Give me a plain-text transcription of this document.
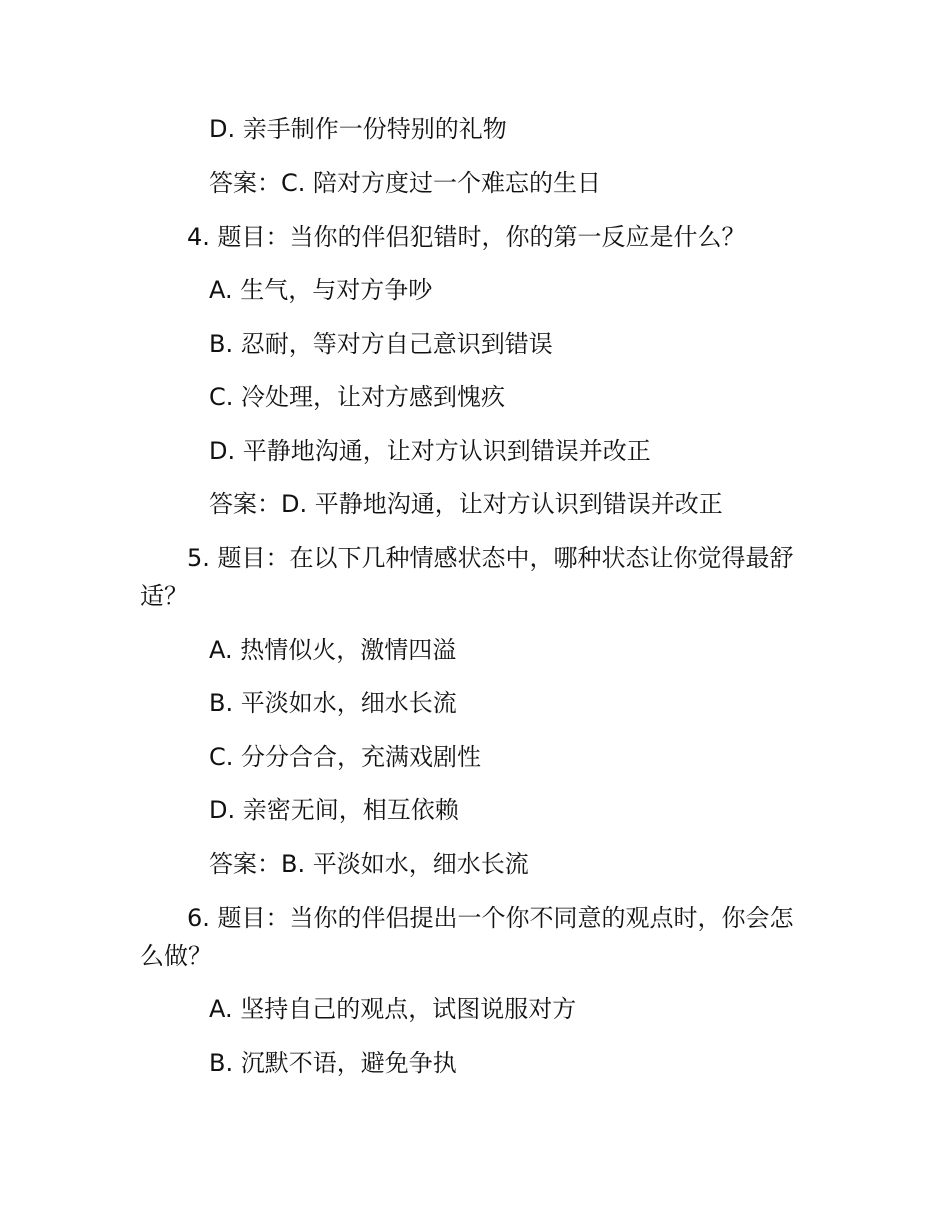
D. 亲手制作一份特别的礼物
答案：C. 陪对方度过一个难忘的生日
4. 题目：当你的伴侣犯错时，你的第一反应是什么？
A. 生气，与对方争吵
B. 忍耐，等对方自己意识到错误
C. 冷处理，让对方感到愧疚
D. 平静地沟通，让对方认识到错误并改正
答案：D. 平静地沟通，让对方认识到错误并改正
5. 题目：在以下几种情感状态中，哪种状态让你觉得最舒
适？
A. 热情似火，激情四溢
B. 平淡如水，细水长流
C. 分分合合，充满戏剧性
D. 亲密无间，相互依赖
答案：B. 平淡如水，细水长流
6. 题目：当你的伴侣提出一个你不同意的观点时，你会怎
么做？
A. 坚持自己的观点，试图说服对方
B. 沉默不语，避免争执
